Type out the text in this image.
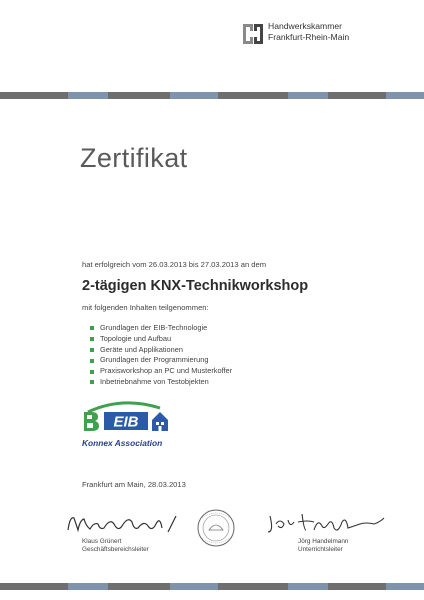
Handwerkskammer
Frankfurt-Rhein-Main
Zertifikat
hat erfolgreich vom 26.03.2013 bis 27.03.2013 an dem
2-tägigen KNX-Technikworkshop
mit folgenden Inhalten teilgenommen:
Grundlagen der EIB-Technologie
Topologie und Aufbau
Geräte und Applikationen
Grundlagen der Programmierung
Praxisworkshop an PC und Musterkoffer
Inbetriebnahme von Testobjekten
EIB
Konnex Association
Frankfurt am Main, 28.03.2013
Klaus Grünert
Geschäftsbereichsleiter
Jörg Handelmann
Unterrichtsleiter
